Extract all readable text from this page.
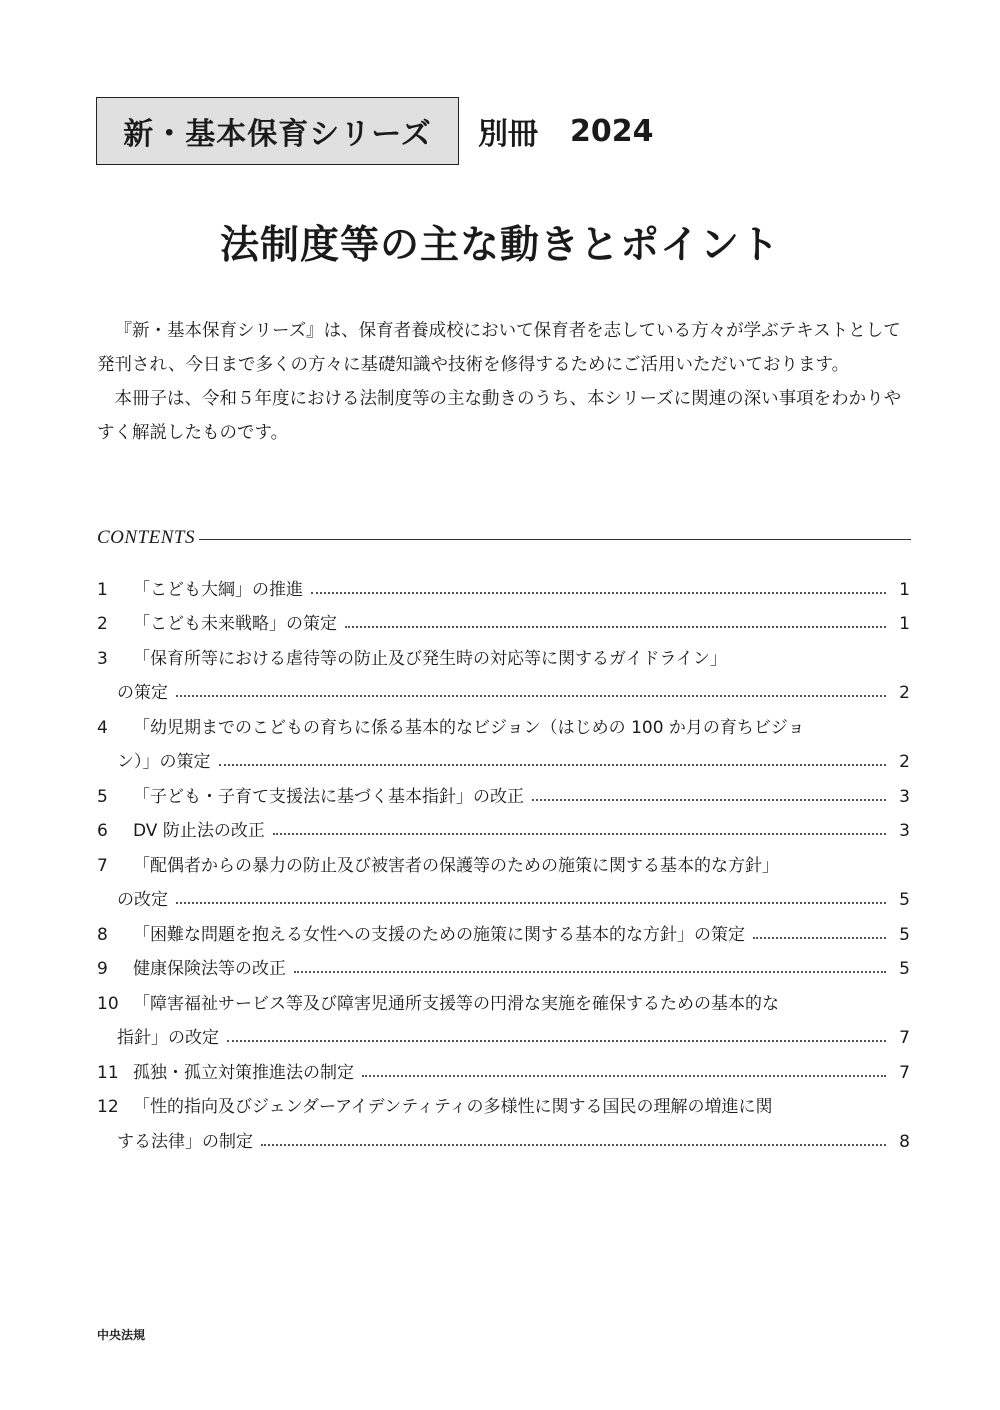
新・基本保育シリーズ 別冊 2024
法制度等の主な動きとポイント

『新・基本保育シリーズ』は、保育者養成校において保育者を志している方々が学ぶテキストとして発刊され、今日まで多くの方々に基礎知識や技術を修得するためにご活用いただいております。

本冊子は、令和５年度における法制度等の主な動きのうち、本シリーズに関連の深い事項をわかりやすく解説したものです。

CONTENTS
1	「こども大綱」の推進	1
2	「こども未来戦略」の策定	1
3	「保育所等における虐待等の防止及び発生時の対応等に関するガイドライン」
の策定	2
4	「幼児期までのこどもの育ちに係る基本的なビジョン（はじめの 100 か月の育ちビジョ
ン）」の策定	2
5	「子ども・子育て支援法に基づく基本指針」の改正	3
6	DV 防止法の改正	3
7	「配偶者からの暴力の防止及び被害者の保護等のための施策に関する基本的な方針」
の改定	5
8	「困難な問題を抱える女性への支援のための施策に関する基本的な方針」の策定	5
9	健康保険法等の改正	5
10 「障害福祉サービス等及び障害児通所支援等の円滑な実施を確保するための基本的な
指針」の改定	7
11 孤独・孤立対策推進法の制定	7
12 「性的指向及びジェンダーアイデンティティの多様性に関する国民の理解の増進に関
する法律」の制定	8
中央法規
